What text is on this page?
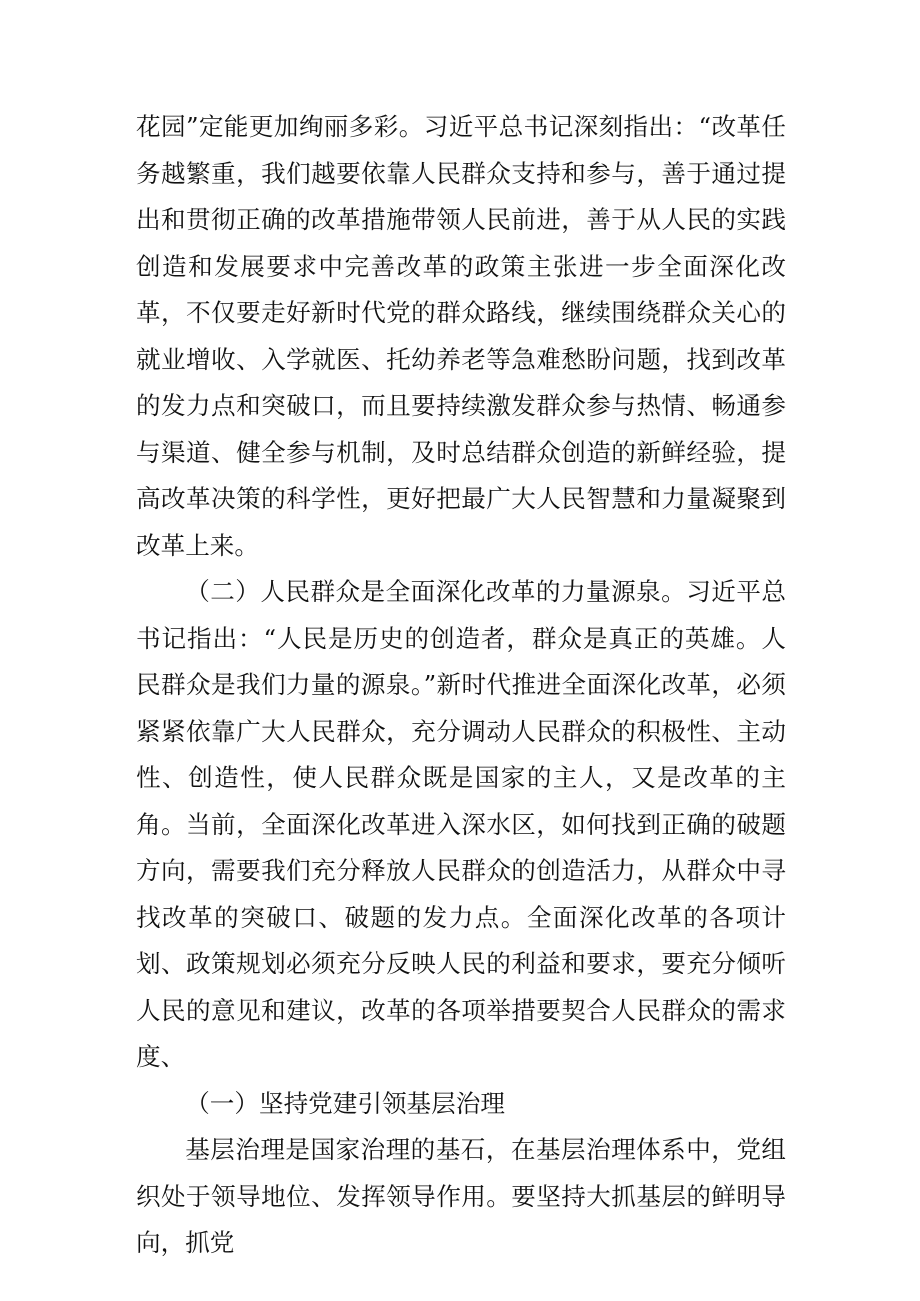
花园”定能更加绚丽多彩。习近平总书记深刻指出：“改革任务越繁重，我们越要依靠人民群众支持和参与，善于通过提出和贯彻正确的改革措施带领人民前进，善于从人民的实践创造和发展要求中完善改革的政策主张进一步全面深化改革，不仅要走好新时代党的群众路线，继续围绕群众关心的就业增收、入学就医、托幼养老等急难愁盼问题，找到改革的发力点和突破口，而且要持续激发群众参与热情、畅通参与渠道、健全参与机制，及时总结群众创造的新鲜经验，提高改革决策的科学性，更好把最广大人民智慧和力量凝聚到改革上来。

（二）人民群众是全面深化改革的力量源泉。习近平总书记指出：“人民是历史的创造者，群众是真正的英雄。人民群众是我们力量的源泉。”新时代推进全面深化改革，必须紧紧依靠广大人民群众，充分调动人民群众的积极性、主动性、创造性，使人民群众既是国家的主人，又是改革的主角。当前，全面深化改革进入深水区，如何找到正确的破题方向，需要我们充分释放人民群众的创造活力，从群众中寻找改革的突破口、破题的发力点。全面深化改革的各项计划、政策规划必须充分反映人民的利益和要求，要充分倾听人民的意见和建议，改革的各项举措要契合人民群众的需求度、

（一）坚持党建引领基层治理

基层治理是国家治理的基石，在基层治理体系中，党组织处于领导地位、发挥领导作用。要坚持大抓基层的鲜明导向，抓党
